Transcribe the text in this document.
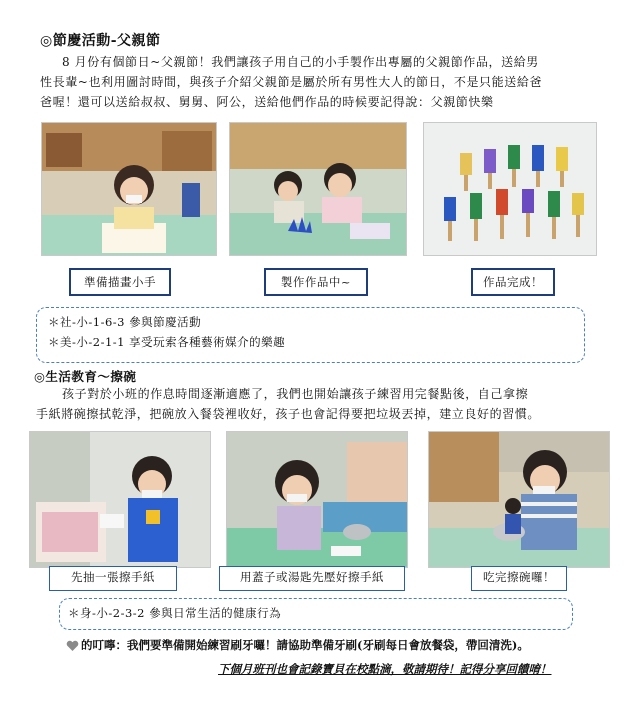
◎節慶活動-父親節
8 月份有個節日~父親節！我們讓孩子用自己的小手製作出專屬的父親節作品，送給男
性長輩~也利用圖討時間，與孩子介紹父親節是屬於所有男性大人的節日，不是只能送給爸
爸喔！還可以送給叔叔、舅舅、阿公，送給他們作品的時候要記得說：父親節快樂
準備描畫小手	製作作品中~	作品完成！
＊社-小-1-6-3 參與節慶活動
＊美-小-2-1-1 享受玩索各種藝術媒介的樂趣
◎生活教育～擦碗
孩子對於小班的作息時間逐漸適應了，我們也開始讓孩子練習用完餐點後，自己拿擦
手紙將碗擦拭乾淨，把碗放入餐袋裡收好，孩子也會記得要把垃圾丟掉，建立良好的習慣。
先抽一張擦手紙	用蓋子或湯匙先壓好擦手紙	吃完擦碗囉！
＊身-小-2-3-2 參與日常生活的健康行為
的叮嚀：我們要準備開始練習刷牙囉！請協助準備牙刷(牙刷每日會放餐袋，帶回清洗)。
下個月班刊也會記錄寶貝在校點滴，敬請期待！記得分享回饋唷！
